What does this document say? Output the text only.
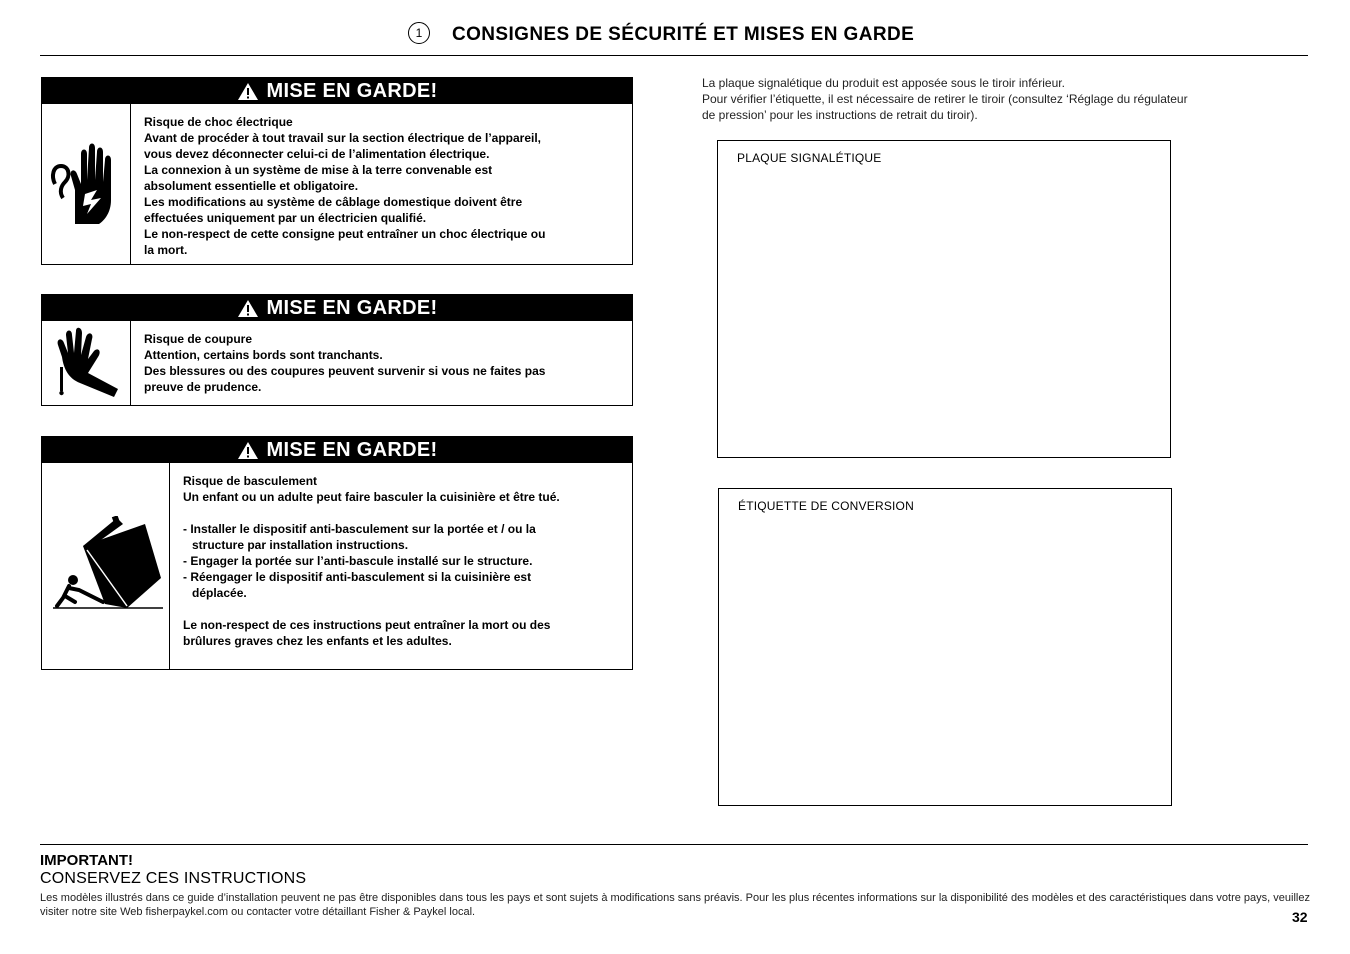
1	CONSIGNES DE SÉCURITÉ ET MISES EN GARDE
MISE EN GARDE!
Risque de choc électrique
Avant de procéder à tout travail sur la section électrique de l’appareil,
vous devez déconnecter celui-ci de l’alimentation électrique.
La connexion à un système de mise à la terre convenable est
absolument essentielle et obligatoire.
Les modifications au système de câblage domestique doivent être
effectuées uniquement par un électricien qualifié.
Le non-respect de cette consigne peut entraîner un choc électrique ou
la mort.
MISE EN GARDE!
Risque de coupure
Attention, certains bords sont tranchants.
Des blessures ou des coupures peuvent survenir si vous ne faites pas
preuve de prudence.
MISE EN GARDE!
Risque de basculement
Un enfant ou un adulte peut faire basculer la cuisinière et être tué.

- Installer le dispositif anti-basculement sur la portée et / ou la
structure par installation instructions.
- Engager la portée sur l’anti-bascule installé sur le structure.
- Réengager le dispositif anti-basculement si la cuisinière est
déplacée.

Le non-respect de ces instructions peut entraîner la mort ou des
brûlures graves chez les enfants et les adultes.
La plaque signalétique du produit est apposée sous le tiroir inférieur.
Pour vérifier l’étiquette, il est nécessaire de retirer le tiroir (consultez ‘Réglage du régulateur
de pression’ pour les instructions de retrait du tiroir).
PLAQUE SIGNALÉTIQUE
ÉTIQUETTE DE CONVERSION
IMPORTANT!
CONSERVEZ CES INSTRUCTIONS
Les modèles illustrés dans ce guide d’installation peuvent ne pas être disponibles dans tous les pays et sont sujets à modifications sans préavis. Pour les plus récentes informations sur la disponibilité des modèles et des caractéristiques dans votre pays, veuillez visiter notre site Web fisherpaykel.com ou contacter votre détaillant Fisher & Paykel local.	32
